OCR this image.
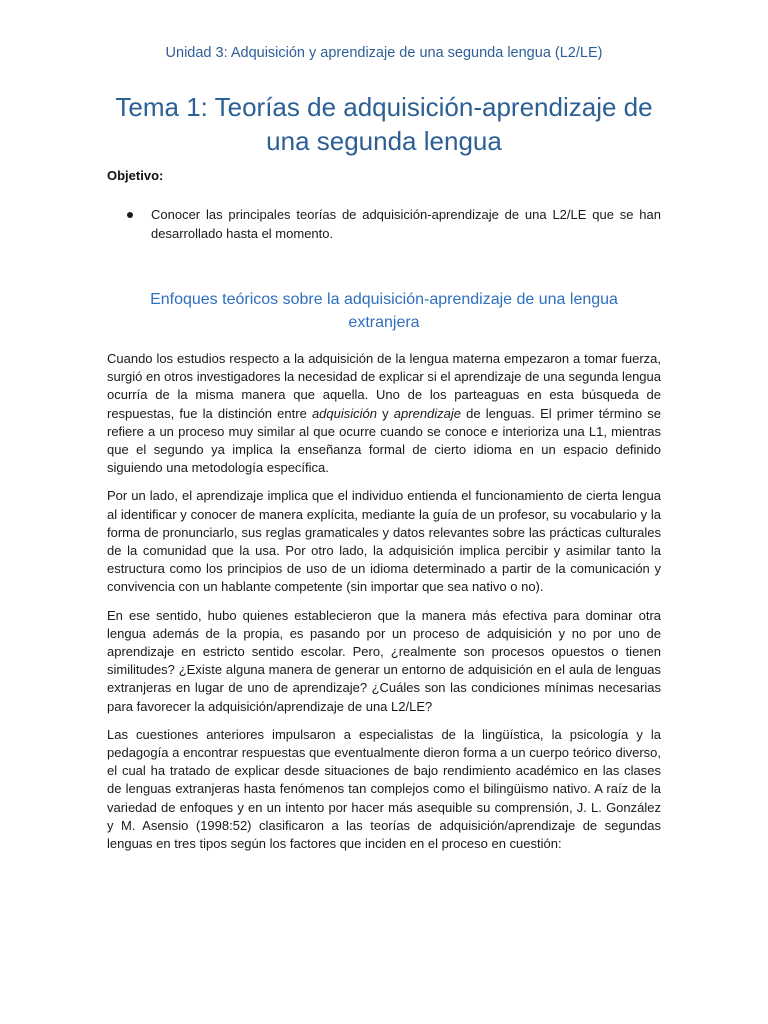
Unidad 3: Adquisición y aprendizaje de una segunda lengua (L2/LE)
Tema 1: Teorías de adquisición-aprendizaje de
una segunda lengua
Objetivo:
Conocer las principales teorías de adquisición-aprendizaje de una L2/LE que se han desarrollado hasta el momento.
Enfoques teóricos sobre la adquisición-aprendizaje de una lengua
extranjera

Cuando los estudios respecto a la adquisición de la lengua materna empezaron a tomar fuerza, surgió en otros investigadores la necesidad de explicar si el aprendizaje de una segunda lengua ocurría de la misma manera que aquella. Uno de los parteaguas en esta búsqueda de respuestas, fue la distinción entre adquisición y aprendizaje de lenguas. El primer término se refiere a un proceso muy similar al que ocurre cuando se conoce e interioriza una L1, mientras que el segundo ya implica la enseñanza formal de cierto idioma en un espacio definido siguiendo una metodología específica.

Por un lado, el aprendizaje implica que el individuo entienda el funcionamiento de cierta lengua al identificar y conocer de manera explícita, mediante la guía de un profesor, su vocabulario y la forma de pronunciarlo, sus reglas gramaticales y datos relevantes sobre las prácticas culturales de la comunidad que la usa. Por otro lado, la adquisición implica percibir y asimilar tanto la estructura como los principios de uso de un idioma determinado a partir de la comunicación y convivencia con un hablante competente (sin importar que sea nativo o no).

En ese sentido, hubo quienes establecieron que la manera más efectiva para dominar otra lengua además de la propia, es pasando por un proceso de adquisición y no por uno de aprendizaje en estricto sentido escolar. Pero, ¿realmente son procesos opuestos o tienen similitudes? ¿Existe alguna manera de generar un entorno de adquisición en el aula de lenguas extranjeras en lugar de uno de aprendizaje? ¿Cuáles son las condiciones mínimas necesarias para favorecer la adquisición/aprendizaje de una L2/LE?

Las cuestiones anteriores impulsaron a especialistas de la lingüística, la psicología y la pedagogía a encontrar respuestas que eventualmente dieron forma a un cuerpo teórico diverso, el cual ha tratado de explicar desde situaciones de bajo rendimiento académico en las clases de lenguas extranjeras hasta fenómenos tan complejos como el bilingüismo nativo. A raíz de la variedad de enfoques y en un intento por hacer más asequible su comprensión, J. L. González y M. Asensio (1998:52) clasificaron a las teorías de adquisición/aprendizaje de segundas lenguas en tres tipos según los factores que inciden en el proceso en cuestión:
